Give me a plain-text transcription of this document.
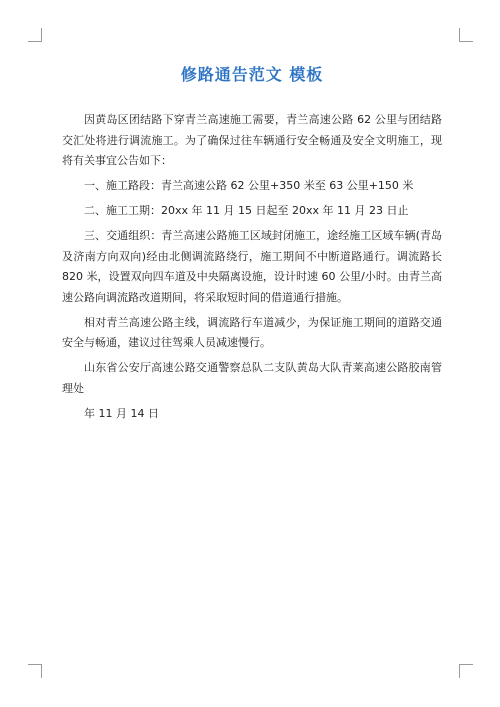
修路通告范文 模板

因黄岛区团结路下穿青兰高速施工需要，青兰高速公路 62 公里与团结路交汇处将进行调流施工。为了确保过往车辆通行安全畅通及安全文明施工，现将有关事宜公告如下：

一、施工路段：青兰高速公路 62 公里+350 米至 63 公里+150 米

二、施工工期：20xx 年 11 月 15 日起至 20xx 年 11 月 23 日止

三、交通组织：青兰高速公路施工区域封闭施工，途经施工区域车辆(青岛及济南方向双向)经由北侧调流路绕行，施工期间不中断道路通行。调流路长 820 米，设置双向四车道及中央隔离设施，设计时速 60 公里/小时。由青兰高速公路向调流路改道期间，将采取短时间的借道通行措施。

相对青兰高速公路主线，调流路行车道减少，为保证施工期间的道路交通安全与畅通，建议过往驾乘人员减速慢行。

山东省公安厅高速公路交通警察总队二支队黄岛大队青莱高速公路胶南管理处

年 11 月 14 日
